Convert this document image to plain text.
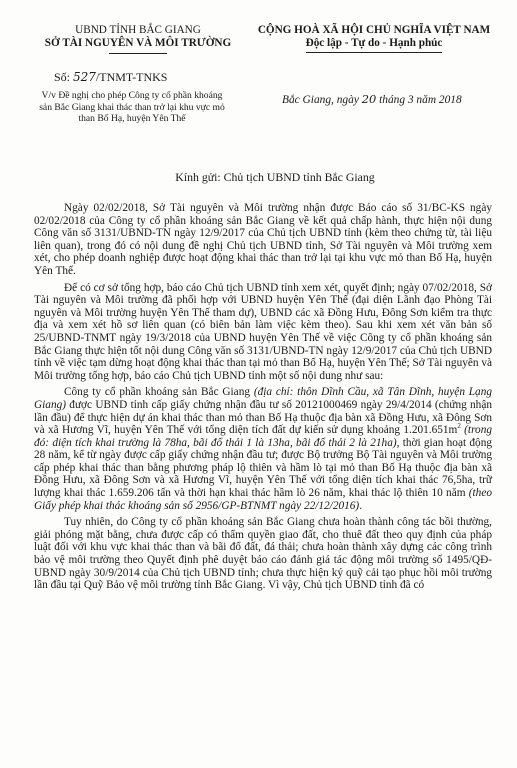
UBND TỈNH BẮC GIANG
SỞ TÀI NGUYÊN VÀ MÔI TRƯỜNG
CỘNG HOÀ XÃ HỘI CHỦ NGHĨA VIỆT NAM
Độc lập - Tự do - Hạnh phúc
Số: 527/TNMT-TNKS
V/v Đề nghị cho phép Công ty cổ phần khoáng sản Bắc Giang khai thác than trở lại khu vực mỏ than Bố Hạ, huyện Yên Thế
Bắc Giang, ngày 20 tháng 3 năm 2018
Kính gửi: Chủ tịch UBND tỉnh Bắc Giang

Ngày 02/02/2018, Sở Tài nguyên và Môi trường nhận được Báo cáo số 31/BC-KS ngày 02/02/2018 của Công ty cổ phần khoáng sản Bắc Giang về kết quả chấp hành, thực hiện nội dung Công văn số 3131/UBND-TN ngày 12/9/2017 của Chủ tịch UBND tỉnh (kèm theo chứng từ, tài liệu liên quan), trong đó có nội dung đề nghị Chủ tịch UBND tỉnh, Sở Tài nguyên và Môi trường xem xét, cho phép doanh nghiệp được hoạt động khai thác than trở lại tại khu vực mỏ than Bố Hạ, huyện Yên Thế.

Để có cơ sở tổng hợp, báo cáo Chủ tịch UBND tỉnh xem xét, quyết định; ngày 07/02/2018, Sở Tài nguyên và Môi trường đã phối hợp với UBND huyện Yên Thế (đại diện Lãnh đạo Phòng Tài nguyên và Môi trường huyện Yên Thế tham dự), UBND các xã Đồng Hưu, Đông Sơn kiểm tra thực địa và xem xét hồ sơ liên quan (có biên bản làm việc kèm theo). Sau khi xem xét văn bản số 25/UBND-TNMT ngày 19/3/2018 của UBND huyện Yên Thế về việc Công ty cổ phần khoáng sản Bắc Giang thực hiện tốt nội dung Công văn số 3131/UBND-TN ngày 12/9/2017 của Chủ tịch UBND tỉnh về việc tạm dừng hoạt động khai thác than tại mỏ than Bố Hạ, huyện Yên Thế; Sở Tài nguyên và Môi trường tổng hợp, báo cáo Chủ tịch UBND tỉnh một số nội dung như sau:

Công ty cổ phần khoáng sản Bắc Giang (địa chỉ: thôn Dĩnh Cầu, xã Tân Dĩnh, huyện Lạng Giang) được UBND tỉnh cấp giấy chứng nhận đầu tư số 20121000469 ngày 29/4/2014 (chứng nhận lần đầu) để thực hiện dự án khai thác than mỏ than Bố Hạ thuộc địa bàn xã Đồng Hưu, xã Đông Sơn và xã Hương Vĩ, huyện Yên Thế với tổng diện tích đất dự kiến sử dụng khoảng $1.201.651m^2$ (trong đó: diện tích khai trường là 78ha, bãi đổ thải 1 là 13ha, bãi đổ thải 2 là 21ha), thời gian hoạt động 28 năm, kể từ ngày được cấp giấy chứng nhận đầu tư; được Bộ trưởng Bộ Tài nguyên và Môi trường cấp phép khai thác than bằng phương pháp lộ thiên và hầm lò tại mỏ than Bố Hạ thuộc địa bàn xã Đồng Hưu, xã Đông Sơn và xã Hương Vĩ, huyện Yên Thế với tổng diện tích khai thác 76,5ha, trữ lượng khai thác 1.659.206 tấn và thời hạn khai thác hầm lò 26 năm, khai thác lộ thiên 10 năm (theo Giấy phép khai thác khoáng sản số 2956/GP-BTNMT ngày 22/12/2016).

Tuy nhiên, do Công ty cổ phần khoáng sản Bắc Giang chưa hoàn thành công tác bồi thường, giải phóng mặt bằng, chưa được cấp có thẩm quyền giao đất, cho thuê đất theo quy định của pháp luật đối với khu vực khai thác than và bãi đổ đất, đá thải; chưa hoàn thành xây dựng các công trình bảo vệ môi trường theo Quyết định phê duyệt báo cáo đánh giá tác động môi trường số 1495/QĐ-UBND ngày 30/9/2014 của Chủ tịch UBND tỉnh; chưa thực hiện ký quỹ cải tạo phục hồi môi trường lần đầu tại Quỹ Bảo vệ môi trường tỉnh Bắc Giang. Vì vậy, Chủ tịch UBND tỉnh đã có
